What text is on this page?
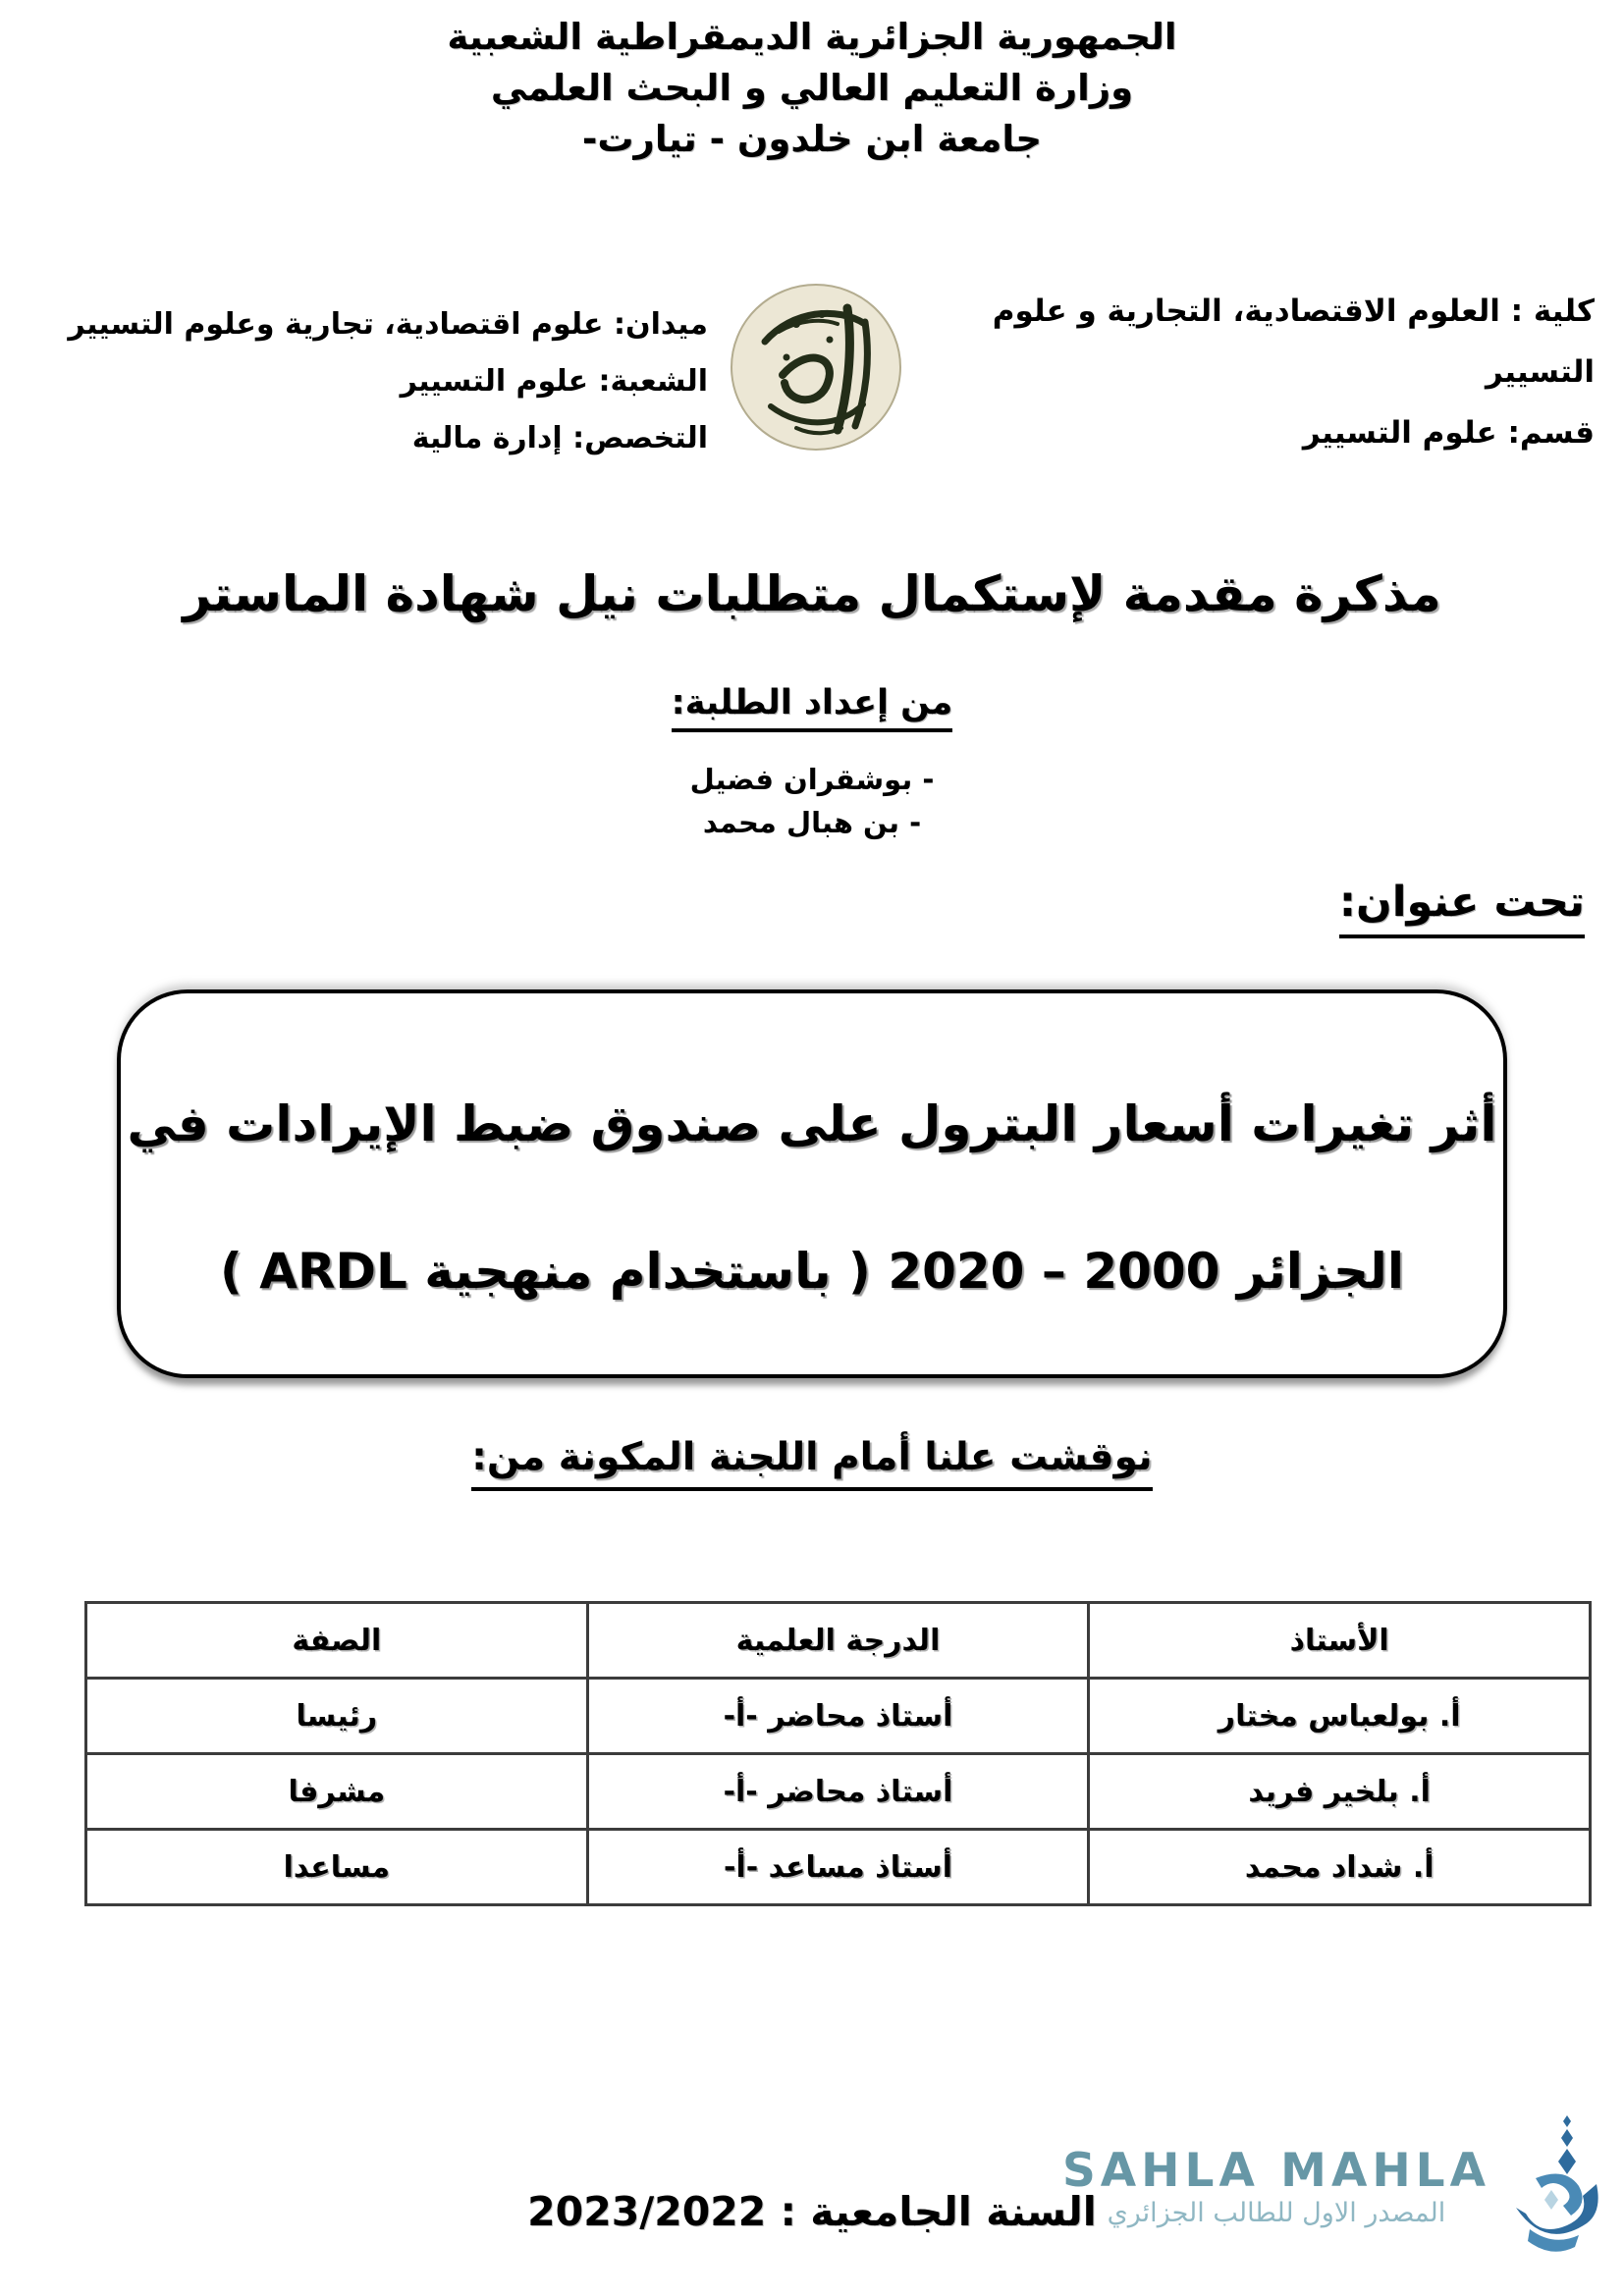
الجمهورية الجزائرية الديمقراطية الشعبية
وزارة التعليم العالي و البحث العلمي
جامعة ابن خلدون - تيارت-
كلية : العلوم الاقتصادية، التجارية و علوم التسيير
قسم: علوم التسيير
ميدان: علوم اقتصادية، تجارية وعلوم التسيير
الشعبة: علوم التسيير
التخصص: إدارة مالية
مذكرة مقدمة لإستكمال متطلبات نيل شهادة الماستر
من إعداد الطلبة:
- بوشقران فضيل
- بن هبال محمد
تحت عنوان:
أثر تغيرات أسعار البترول على صندوق ضبط الإيرادات في
الجزائر 2000 – 2020 ( باستخدام منهجية ARDL )
نوقشت علنا أمام اللجنة المكونة من:
الأستاذ	الدرجة العلمية	الصفة
أ. بولعباس مختار	أستاذ محاضر -أ-	رئيسا
أ. بلخير فريد	أستاذ محاضر -أ-	مشرفا
أ. شداد محمد	أستاذ مساعد -أ-	مساعدا
السنة الجامعية : 2023/2022
SAHLA MAHLA
المصدر الاول للطالب الجزائري
